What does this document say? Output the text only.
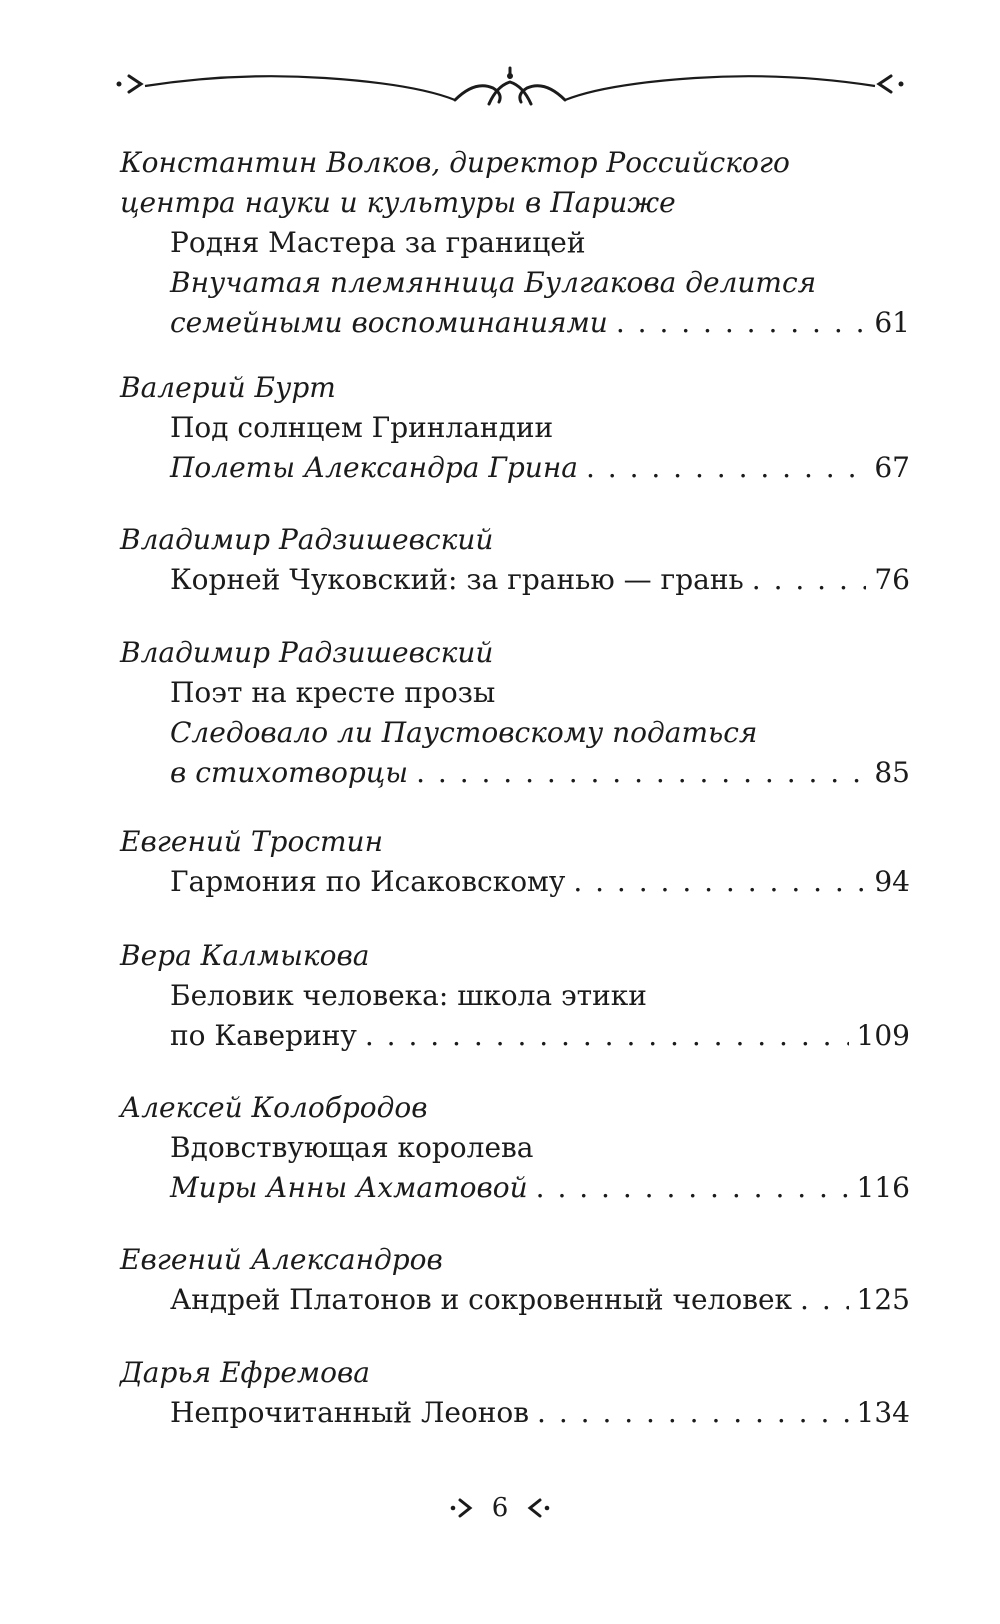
Константин Волков, директор Российского
центра науки и культуры в Париже
Родня Мастера за границей
Внучатая племянница Булгакова делится
семейными воспоминаниями . . .	61
Валерий Бурт
Под солнцем Гринландии
Полеты Александра Грина . . .	67
Владимир Радзишевский
Корней Чуковский: за гранью — грань . . .	76
Владимир Радзишевский
Поэт на кресте прозы
Следовало ли Паустовскому податься
в стихотворцы . . .	85
Евгений Тростин
Гармония по Исаковскому . . .	94
Вера Калмыкова
Беловик человека: школа этики
по Каверину . . .	109
Алексей Колобродов
Вдовствующая королева
Миры Анны Ахматовой . . .	116
Евгений Александров
Андрей Платонов и сокровенный человек . . . 125
Дарья Ефремова
Непрочитанный Леонов . . .	134
6
